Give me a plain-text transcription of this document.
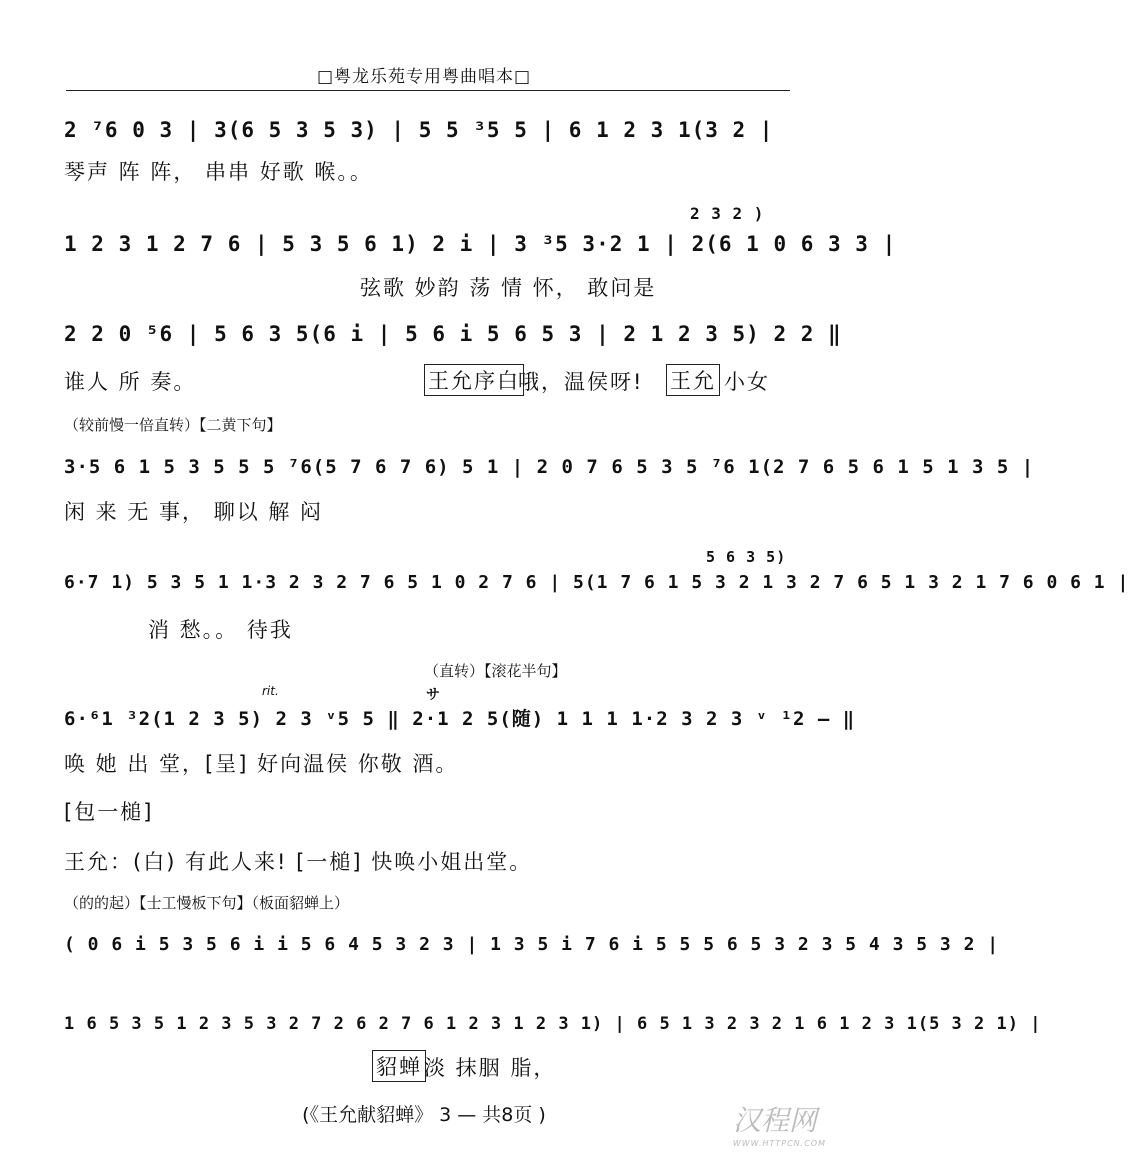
□粤龙乐苑专用粤曲唱本□
2 ⁷6 0 3 | 3(6 5 3 5 3) | 5 5 ³5 5 | 6 1 2 3 1(3 2 |
琴声 阵 阵， 串串 好歌 喉。。
2 3 2 )
1 2 3 1 2 7 6 | 5 3 5 6 1) 2 i | 3 ³5 3·2 1 | 2(6 1 0 6 3 3 |
弦歌 妙韵 荡 情 怀， 敢问是
2 2 0 ⁵6 | 5 6 3 5(6 i | 5 6 i 5 6 5 3 | 2 1 2 3 5) 2 2 ‖
谁人 所 奏。	王允序白
哦，温侯呀! 王允 小女
（较前慢一倍直转）【二黄下句】
3·5 6 1 5 3 5 5 5 ⁷6(5 7 6 7 6) 5 1 | 2 0 7 6 5 3 5 ⁷6 1(2 7 6 5 6 1 5 1 3 5 |
闲 来 无 事， 聊以 解 闷
5 6 3 5)
6·7 1) 5 3 5 1 1·3 2 3 2 7 6 5 1 0 2 7 6 | 5(1 7 6 1 5 3 2 1 3 2 7 6 5 1 3 2 1 7 6 0 6 1 |
消 愁。。 待我
（直转）【滚花半句】
rit.	サ
6·⁶1 ³2(1 2 3 5) 2 3 ᵛ5 5 ‖ 2·1 2 5(随) 1 1 1 1·2 3 2 3 ᵛ ¹2 – ‖
唤 她 出 堂，[呈] 好向温侯 你敬 酒。
[包一槌]
王允：(白) 有此人来! [一槌] 快唤小姐出堂。
（的的起）【士工慢板下句】（板面貂蝉上）
( 0 6 i 5 3 5 6 i i 5 6 4 5 3 2 3 | 1 3 5 i 7 6 i 5 5 5 6 5 3 2 3 5 4 3 5 3 2 |
1 6 5 3 5 1 2 3 5 3 2 7 2 6 2 7 6 1 2 3 1 2 3 1) | 6 5 1 3 2 3 2 1 6 1 2 3 1(5 3 2 1) |
貂蝉 淡 抹胭 脂，
(《王允献貂蝉》 3 — 共8页 )	汉程网
WWW.HTTPCN.COM
